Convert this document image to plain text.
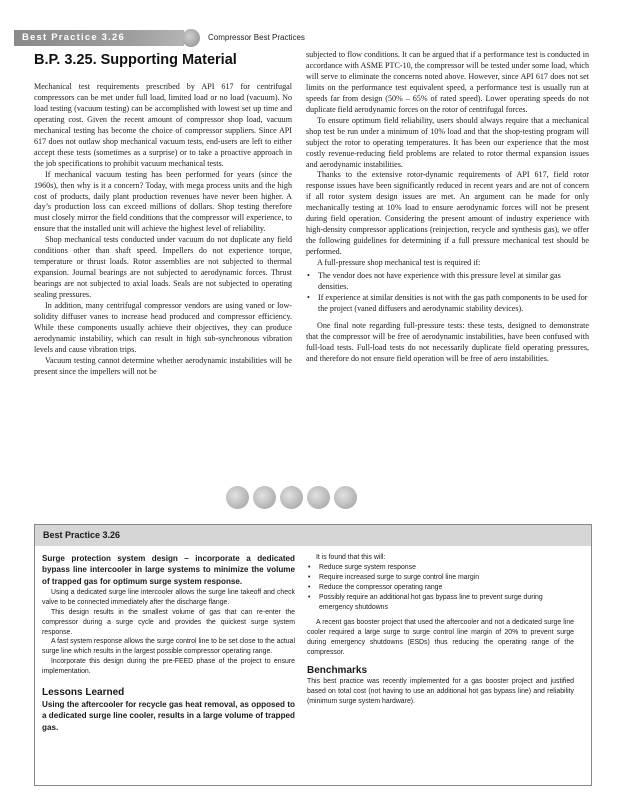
Best Practice 3.26	Compressor Best Practices
B.P. 3.25. Supporting Material

Mechanical test requirements prescribed by API 617 for centrifugal compressors can be met under full load, limited load or no load (vacuum). No load testing (vacuum testing) can be accomplished with lowest set up time and operating cost. Given the recent amount of compressor shop load, vacuum mechanical testing has become the choice of compressor suppliers. Since API 617 does not outlaw shop mechanical vacuum tests, end-users are left to either accept these tests (sometimes as a surprise) or to take a proactive approach in the job specifications to prohibit vacuum mechanical tests.

If mechanical vacuum testing has been performed for years (since the 1960s), then why is it a concern? Today, with mega process units and the high cost of products, daily plant production revenues have never been higher. A day’s production loss can exceed millions of dollars. Shop testing therefore must closely mirror the field conditions that the compressor will experience, to ensure that the installed unit will achieve the highest level of reliability.

Shop mechanical tests conducted under vacuum do not duplicate any field conditions other than shaft speed. Impellers do not experience torque, temperature or thrust loads. Rotor assemblies are not subjected to thermal expansion. Journal bearings are not subjected to aerodynamic forces. Thrust bearings are not subjected to axial loads. Seals are not subjected to operating sealing pressures.

In addition, many centrifugal compressor vendors are using vaned or low-solidity diffuser vanes to increase head produced and compressor efficiency. While these components usually achieve their objectives, they can produce aerodynamic instability, which can result in high sub-synchronous vibration levels and cause vibration trips.

Vacuum testing cannot determine whether aerodynamic instabilities will be present since the impellers will not be

subjected to flow conditions. It can be argued that if a performance test is conducted in accordance with ASME PTC-10, the compressor will be tested under some load, which will serve to eliminate the concerns noted above. However, since API 617 does not set limits on the performance test equivalent speed, a performance test is usually run at speeds far from design (50% – 65% of rated speed). Lower operating speeds do not duplicate field aerodynamic forces on the rotor of centrifugal forces.

To ensure optimum field reliability, users should always require that a mechanical shop test be run under a minimum of 10% load and that the shop-testing program will subject the rotor to operating temperatures. It has been our experience that the most costly revenue-reducing field problems are related to rotor thermal expansion issues and aerodynamic instabilities.

Thanks to the extensive rotor-dynamic requirements of API 617, field rotor response issues have been significantly reduced in recent years and are not of concern if all rotor system design issues are met. An argument can be made for only mechanically testing at 10% load to ensure aerodynamic forces will not be present during field operation. Considering the present amount of industry experience with high-density compressor applications (reinjection, recycle and synthesis gas), we offer the following guidelines for determining if a full pressure mechanical test should be performed.

A full-pressure shop mechanical test is required if:

• The vendor does not have experience with this pressure level at similar gas densities.
• If experience at similar densities is not with the gas path components to be used for the project (vaned diffusers and aerodynamic stability devices).

One final note regarding full-pressure tests: these tests, designed to demonstrate that the compressor will be free of aerodynamic instabilities, have been confused with full-load tests. Full-load tests do not necessarily duplicate field operating pressures, and therefore do not ensure field operation will be free of aero instabilities.

Best Practice 3.26

Surge protection system design – incorporate a dedicated bypass line intercooler in large systems to minimize the volume of trapped gas for optimum surge system response.

Using a dedicated surge line intercooler allows the surge line takeoff and check valve to be connected immediately after the discharge flange.

This design results in the smallest volume of gas that can re-enter the compressor during a surge cycle and provides the quickest surge system response.

A fast system response allows the surge control line to be set close to the actual surge line which results in the largest possible compressor operating range.

Incorporate this design during the pre-FEED phase of the project to ensure implementation.

Lessons Learned

Using the aftercooler for recycle gas heat removal, as opposed to a dedicated surge line cooler, results in a large volume of trapped gas.

It is found that this will:

• Reduce surge system response
• Require increased surge to surge control line margin
• Reduce the compressor operating range
• Possibly require an additional hot gas bypass line to prevent surge during emergency shutdowns

A recent gas booster project that used the aftercooler and not a dedicated surge line cooler required a large surge to surge control line margin of 20% to prevent surge during emergency shutdowns (ESDs) thus reducing the operating range of the compressor.

Benchmarks

This best practice was recently implemented for a gas booster project and justified based on total cost (not having to use an additional hot gas bypass line) and reliability (minimum surge system hardware).
